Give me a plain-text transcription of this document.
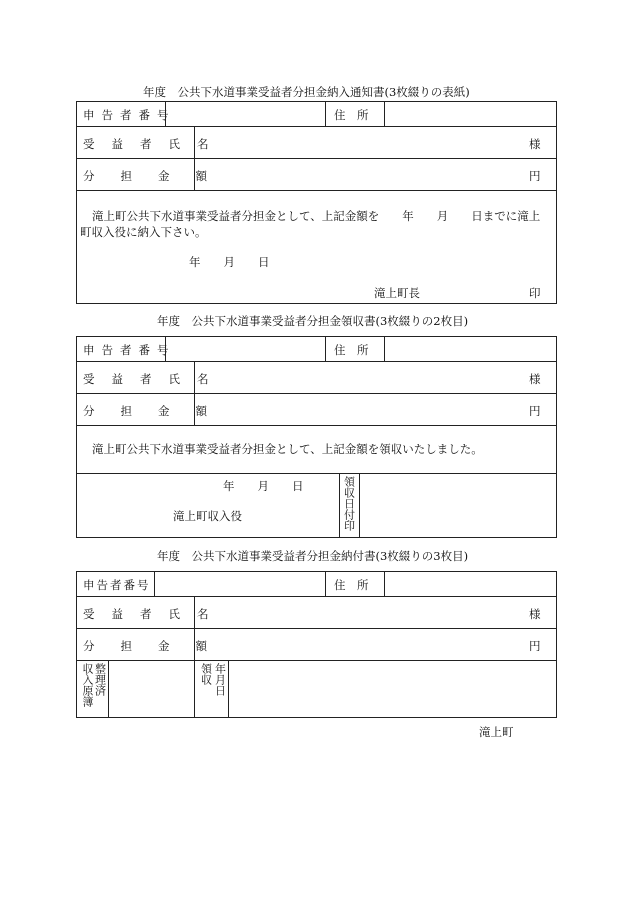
年度　公共下水道事業受益者分担金納入通知書(3枚綴りの表紙)
申告者番号	住　所
受益者氏名	様
分担金額	円
滝上町公共下水道事業受益者分担金として、上記金額を　　年　　月　　日までに滝上
町収入役に納入下さい。
年　　月　　日
滝上町長	印
年度　公共下水道事業受益者分担金領収書(3枚綴りの2枚目)
申告者番号	住　所
受益者氏名	様
分担金額	円
滝上町公共下水道事業受益者分担金として、上記金額を領収いたしました。
年　　月　　日
滝上町収入役	領収日付印
年度　公共下水道事業受益者分担金納付書(3枚綴りの3枚目)
申告者番号	住　所
受益者氏名	様
分担金額	円
収入原簿 整理済	領収 年月日
滝上町
